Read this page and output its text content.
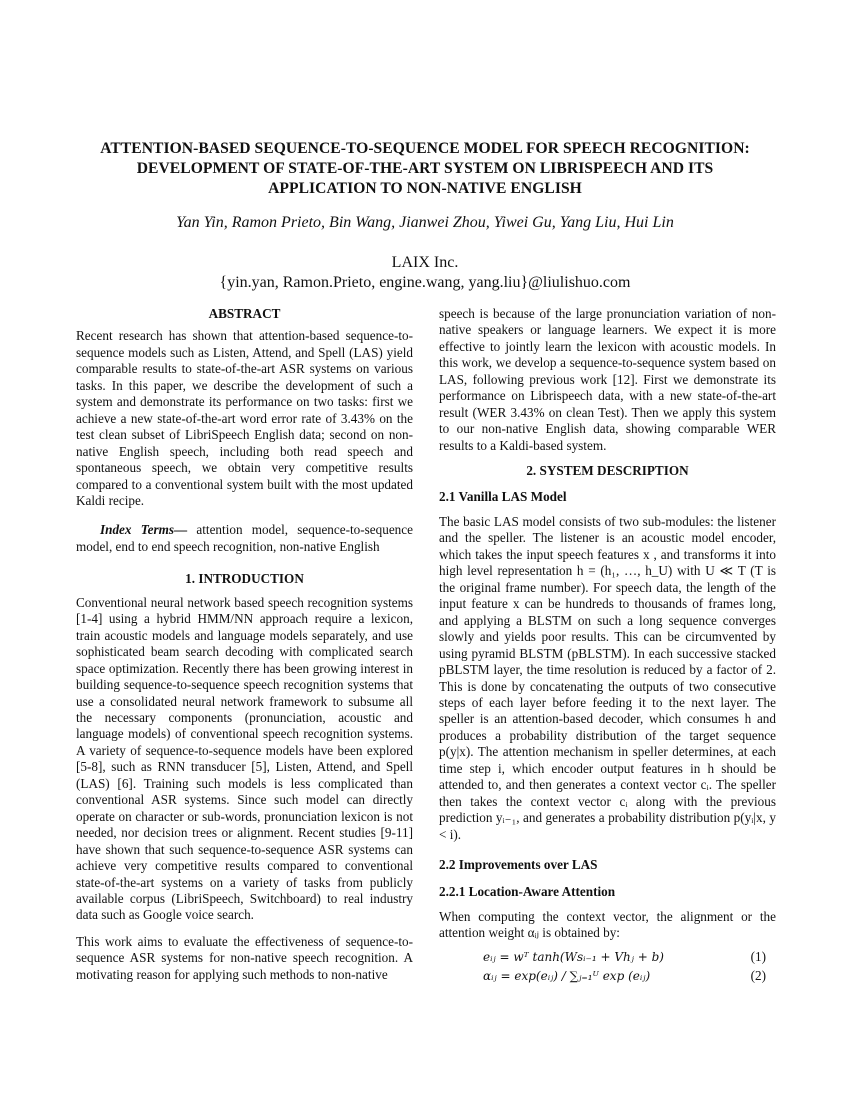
ATTENTION-BASED SEQUENCE-TO-SEQUENCE MODEL FOR SPEECH RECOGNITION:
DEVELOPMENT OF STATE-OF-THE-ART SYSTEM ON LIBRISPEECH AND ITS
APPLICATION TO NON-NATIVE ENGLISH
Yan Yin, Ramon Prieto, Bin Wang, Jianwei Zhou, Yiwei Gu, Yang Liu, Hui Lin
LAIX Inc.
{yin.yan, Ramon.Prieto, engine.wang, yang.liu}@liulishuo.com
ABSTRACT

Recent research has shown that attention-based sequence-to-sequence models such as Listen, Attend, and Spell (LAS) yield comparable results to state-of-the-art ASR systems on various tasks. In this paper, we describe the development of such a system and demonstrate its performance on two tasks: first we achieve a new state-of-the-art word error rate of 3.43% on the test clean subset of LibriSpeech English data; second on non-native English speech, including both read speech and spontaneous speech, we obtain very competitive results compared to a conventional system built with the most updated Kaldi recipe.

Index Terms— attention model, sequence-to-sequence model, end to end speech recognition, non-native English

1. INTRODUCTION

Conventional neural network based speech recognition systems [1-4] using a hybrid HMM/NN approach require a lexicon, train acoustic models and language models separately, and use sophisticated beam search decoding with complicated search space optimization. Recently there has been growing interest in building sequence-to-sequence speech recognition systems that use a consolidated neural network framework to subsume all the necessary components (pronunciation, acoustic and language models) of conventional speech recognition systems. A variety of sequence-to-sequence models have been explored [5-8], such as RNN transducer [5], Listen, Attend, and Spell (LAS) [6]. Training such models is less complicated than conventional ASR systems. Since such model can directly operate on character or sub-words, pronunciation lexicon is not needed, nor decision trees or alignment. Recent studies [9-11] have shown that such sequence-to-sequence ASR systems can achieve very competitive results compared to conventional state-of-the-art systems on a variety of tasks from publicly available corpus (LibriSpeech, Switchboard) to real industry data such as Google voice search.

This work aims to evaluate the effectiveness of sequence-to-sequence ASR systems for non-native speech recognition. A motivating reason for applying such methods to non-native

speech is because of the large pronunciation variation of non-native speakers or language learners. We expect it is more effective to jointly learn the lexicon with acoustic models. In this work, we develop a sequence-to-sequence system based on LAS, following previous work [12]. First we demonstrate its performance on Librispeech data, with a new state-of-the-art result (WER 3.43% on clean Test). Then we apply this system to our non-native English data, showing comparable WER results to a Kaldi-based system.

2. SYSTEM DESCRIPTION
2.1 Vanilla LAS Model

The basic LAS model consists of two sub-modules: the listener and the speller. The listener is an acoustic model encoder, which takes the input speech features x , and transforms it into high level representation h = (h₁, …, h_U) with U ≪ T (T is the original frame number). For speech data, the length of the input feature x can be hundreds to thousands of frames long, and applying a BLSTM on such a long sequence converges slowly and yields poor results. This can be circumvented by using pyramid BLSTM (pBLSTM). In each successive stacked pBLSTM layer, the time resolution is reduced by a factor of 2. This is done by concatenating the outputs of two consecutive steps of each layer before feeding it to the next layer. The speller is an attention-based decoder, which consumes h and produces a probability distribution of the target sequence p(y|x). The attention mechanism in speller determines, at each time step i, which encoder output features in h should be attended to, and then generates a context vector cᵢ. The speller then takes the context vector cᵢ along with the previous prediction yᵢ₋₁, and generates a probability distribution p(yᵢ|x, y < i).

2.2 Improvements over LAS
2.2.1 Location-Aware Attention

When computing the context vector, the alignment or the attention weight αᵢⱼ is obtained by:

eᵢⱼ = wᵀ tanh(Wsᵢ₋₁ + Vhⱼ + b)	(1)
αᵢⱼ = exp(eᵢⱼ) / ∑ⱼ₌₁ᵁ exp (eᵢⱼ)	(2)
